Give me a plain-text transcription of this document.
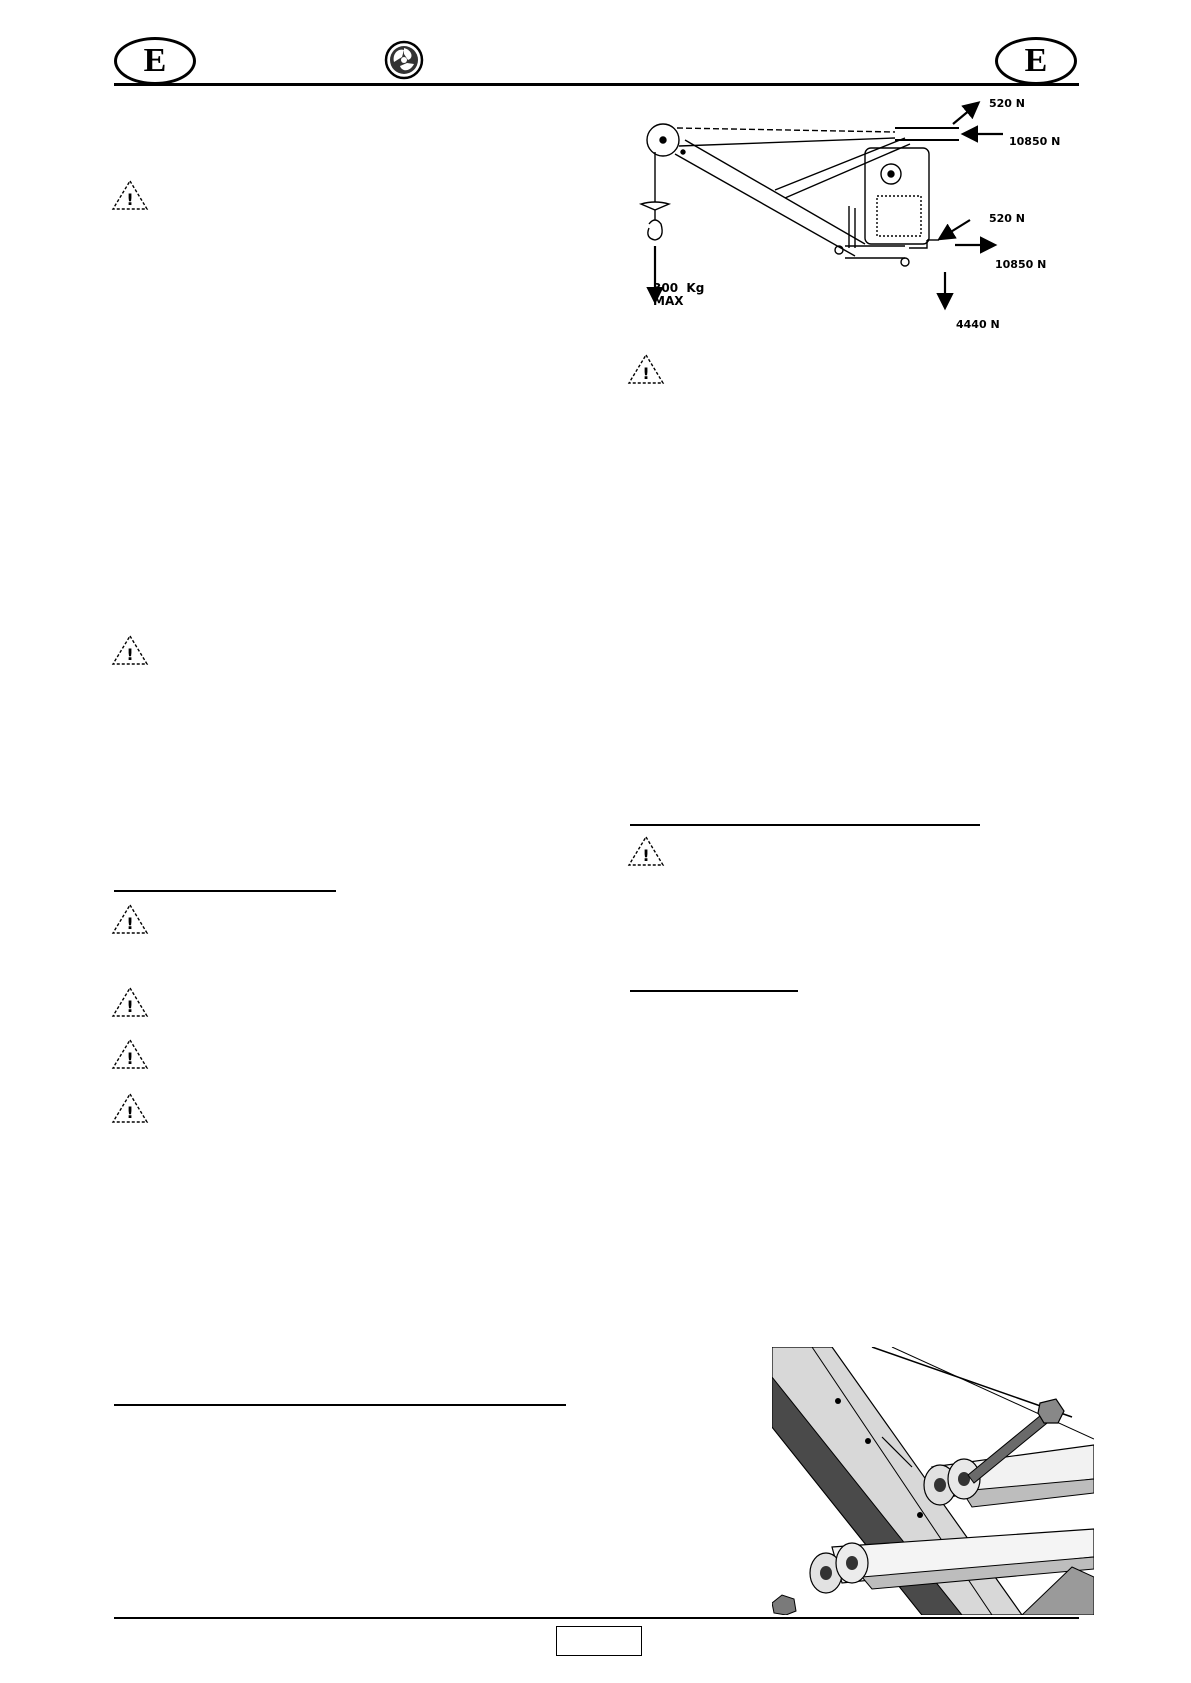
E	E
!
!
!
!
!
!
520 N
10850 N
520 N
10850 N
4440 N
300  Kg
MAX
!
!
